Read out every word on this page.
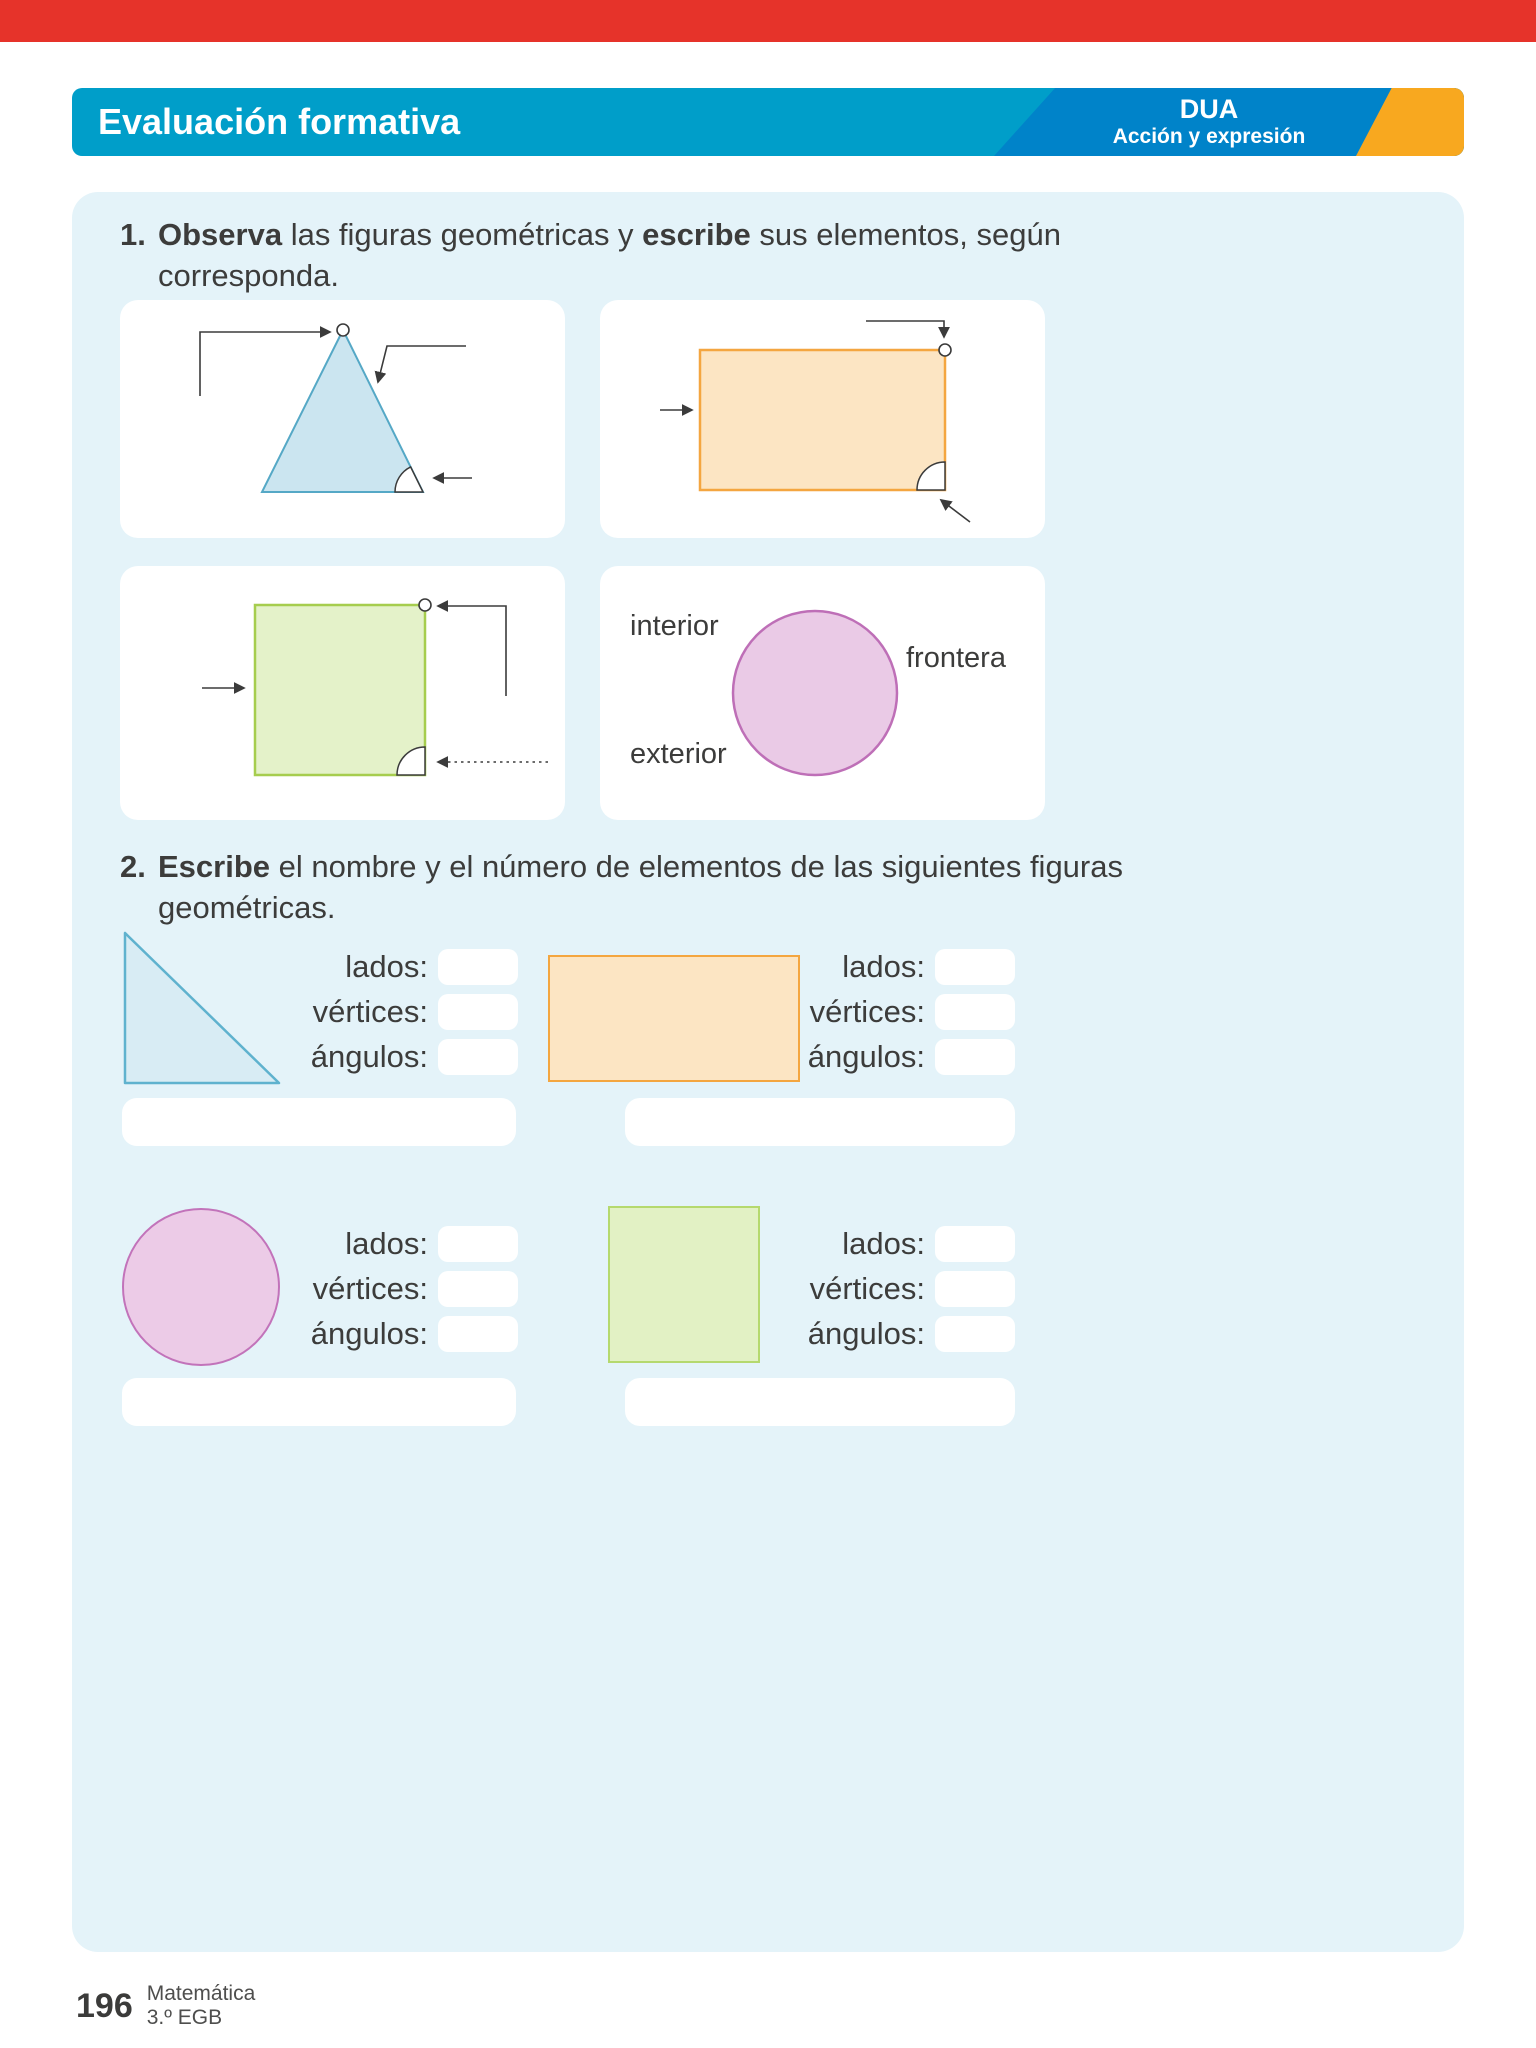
Evaluación formativa	DUA
Acción y expresión
1. Observa las figuras geométricas y escribe sus elementos, según
corresponda.
interior
frontera
exterior
2. Escribe el nombre y el número de elementos de las siguientes figuras
geométricas.
lados:
vértices:
ángulos:
lados:
vértices:
ángulos:
lados:
vértices:
ángulos:
lados:
vértices:
ángulos:
196 Matemática
3.º EGB
